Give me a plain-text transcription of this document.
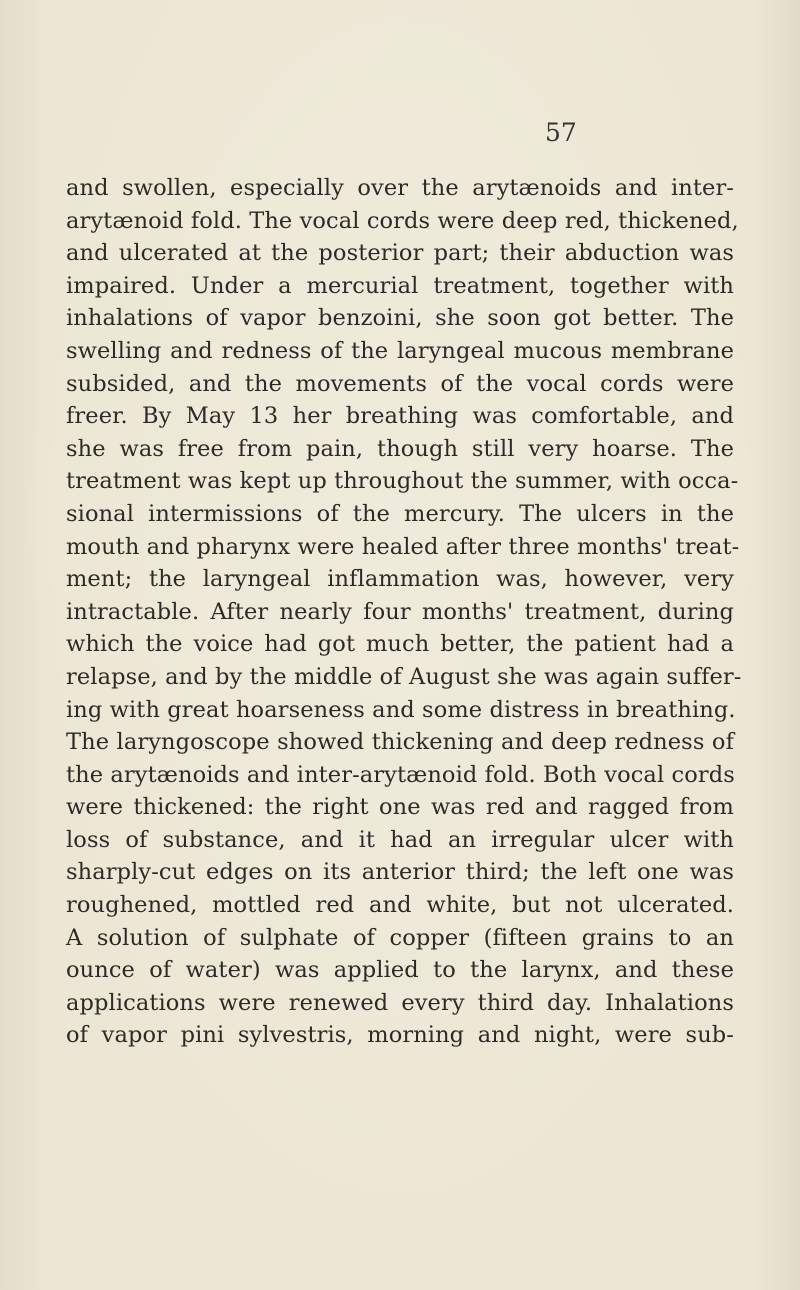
57
and swollen, especially over the arytænoids and inter-
arytænoid fold. The vocal cords were deep red, thickened,
and ulcerated at the posterior part; their abduction was
impaired. Under a mercurial treatment, together with
inhalations of vapor benzoini, she soon got better. The
swelling and redness of the laryngeal mucous membrane
subsided, and the movements of the vocal cords were
freer. By May 13 her breathing was comfortable, and
she was free from pain, though still very hoarse. The
treatment was kept up throughout the summer, with occa-
sional intermissions of the mercury. The ulcers in the
mouth and pharynx were healed after three months' treat-
ment; the laryngeal inflammation was, however, very
intractable. After nearly four months' treatment, during
which the voice had got much better, the patient had a
relapse, and by the middle of August she was again suffer-
ing with great hoarseness and some distress in breathing.
The laryngoscope showed thickening and deep redness of
the arytænoids and inter-arytænoid fold. Both vocal cords
were thickened: the right one was red and ragged from
loss of substance, and it had an irregular ulcer with
sharply-cut edges on its anterior third; the left one was
roughened, mottled red and white, but not ulcerated.
A solution of sulphate of copper (fifteen grains to an
ounce of water) was applied to the larynx, and these
applications were renewed every third day. Inhalations
of vapor pini sylvestris, morning and night, were sub-
